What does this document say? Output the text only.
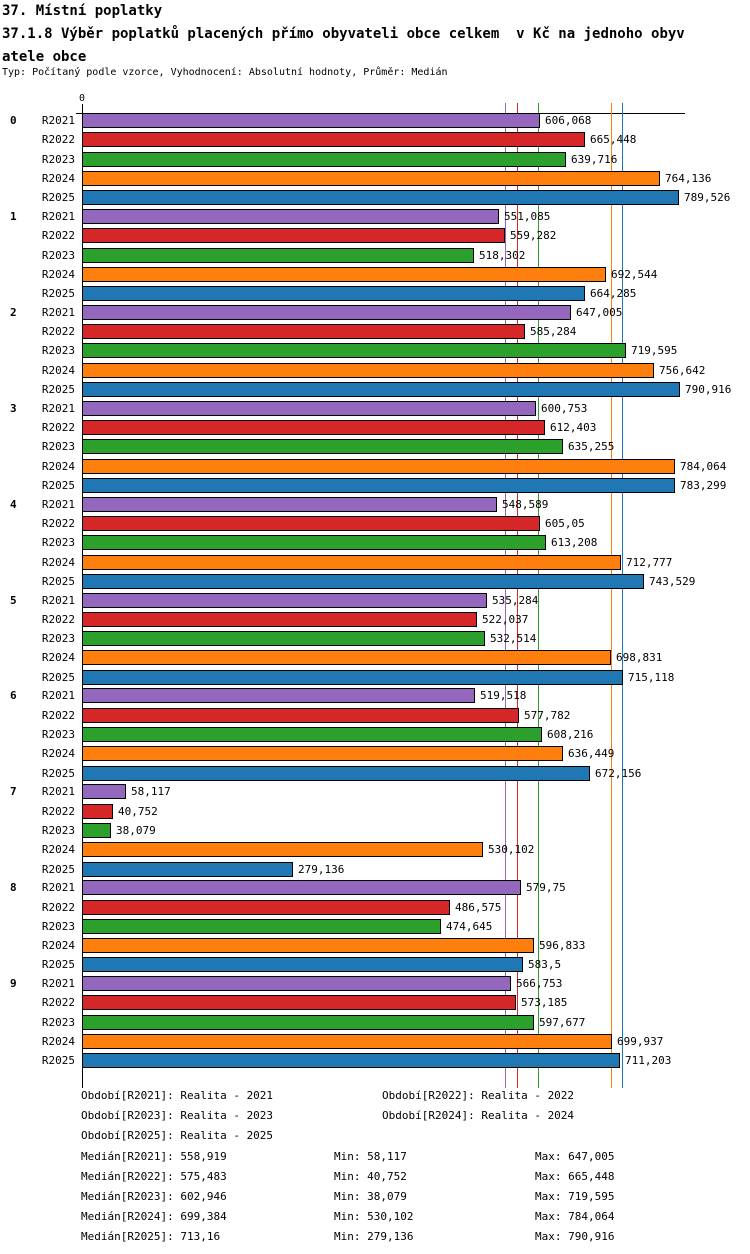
37. Místní poplatky
37.1.8 Výběr poplatků placených přímo obyvateli obce celkem  v Kč na jednoho obyv
atele obce
Typ: Počítaný podle vzorce, Vyhodnocení: Absolutní hodnoty, Průměr: Medián
0
0	R2021	606,068
R2022	665,448
R2023	639,716
R2024	764,136
R2025	789,526
1	R2021	551,085
R2022	559,282
R2023	518,302
R2024	692,544
R2025	664,285
2	R2021	647,005
R2022	585,284
R2023	719,595
R2024	756,642
R2025	790,916
3	R2021	600,753
R2022	612,403
R2023	635,255
R2024	784,064
R2025	783,299
4	R2021	548,589
R2022	605,05
R2023	613,208
R2024	712,777
R2025	743,529
5	R2021	535,284
R2022	522,037
R2023	532,514
R2024	698,831
R2025	715,118
6	R2021	519,518
R2022	577,782
R2023	608,216
R2024	636,449
R2025	672,156
7	R2021	58,117
R2022	40,752
R2023	38,079
R2024	530,102
R2025	279,136
8	R2021	579,75
R2022	486,575
R2023	474,645
R2024	596,833
R2025	583,5
9	R2021	566,753
R2022	573,185
R2023	597,677
R2024	699,937
R2025	711,203
Období[R2021]: Realita - 2021	Období[R2022]: Realita - 2022
Období[R2023]: Realita - 2023	Období[R2024]: Realita - 2024
Období[R2025]: Realita - 2025
Medián[R2021]: 558,919	Min: 58,117	Max: 647,005
Medián[R2022]: 575,483	Min: 40,752	Max: 665,448
Medián[R2023]: 602,946	Min: 38,079	Max: 719,595
Medián[R2024]: 699,384	Min: 530,102	Max: 784,064
Medián[R2025]: 713,16	Min: 279,136	Max: 790,916
